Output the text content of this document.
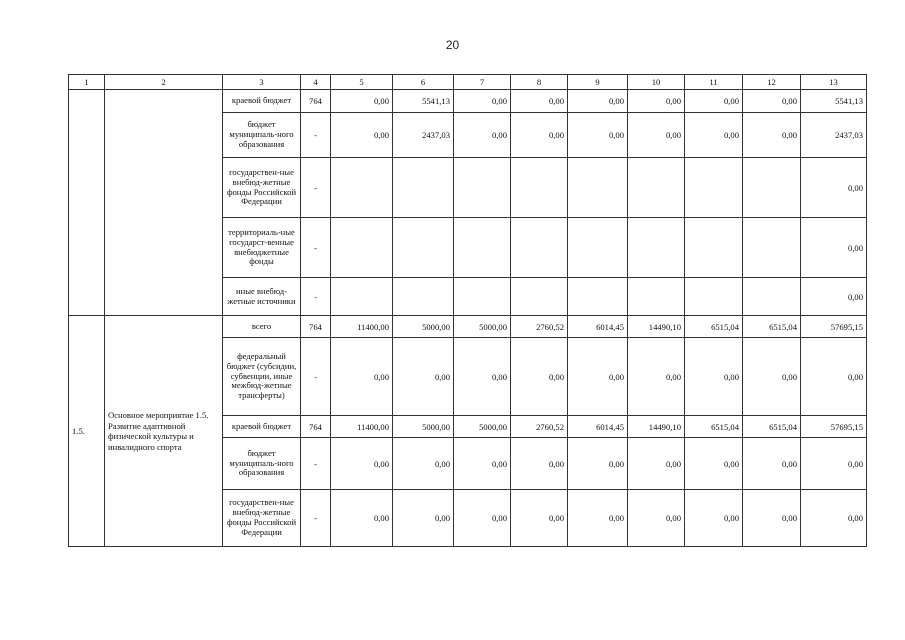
20
1	2	3	4	5	6	7	8	9	10	11	12	13
		краевой бюджет	764	0,00	5541,13	0,00	0,00	0,00	0,00	0,00	0,00	5541,13
		бюджет муниципаль-ного образования	-	0,00	2437,03	0,00	0,00	0,00	0,00	0,00	0,00	2437,03
		государствен-ные внебюд-жетные фонды Российской Федерации	-									0,00
		территориаль-ные государст-венные внебюджетные фонды	-									0,00
		иные внебюд-жетные источники	-									0,00
1.5.	Основное мероприятие 1.5. Развитие адаптивной физической культуры и инвалидного спорта	всего	764	11400,00	5000,00	5000,00	2760,52	6014,45	14490,10	6515,04	6515,04	57695,15
		федеральный бюджет (субсидии, субвенции, иные межбюд-жетные трансферты)	-	0,00	0,00	0,00	0,00	0,00	0,00	0,00	0,00	0,00
		краевой бюджет	764	11400,00	5000,00	5000,00	2760,52	6014,45	14490,10	6515,04	6515,04	57695,15
		бюджет муниципаль-ного образования	-	0,00	0,00	0,00	0,00	0,00	0,00	0,00	0,00	0,00
		государствен-ные внебюд-жетные фонды Российской Федерации	-	0,00	0,00	0,00	0,00	0,00	0,00	0,00	0,00	0,00
